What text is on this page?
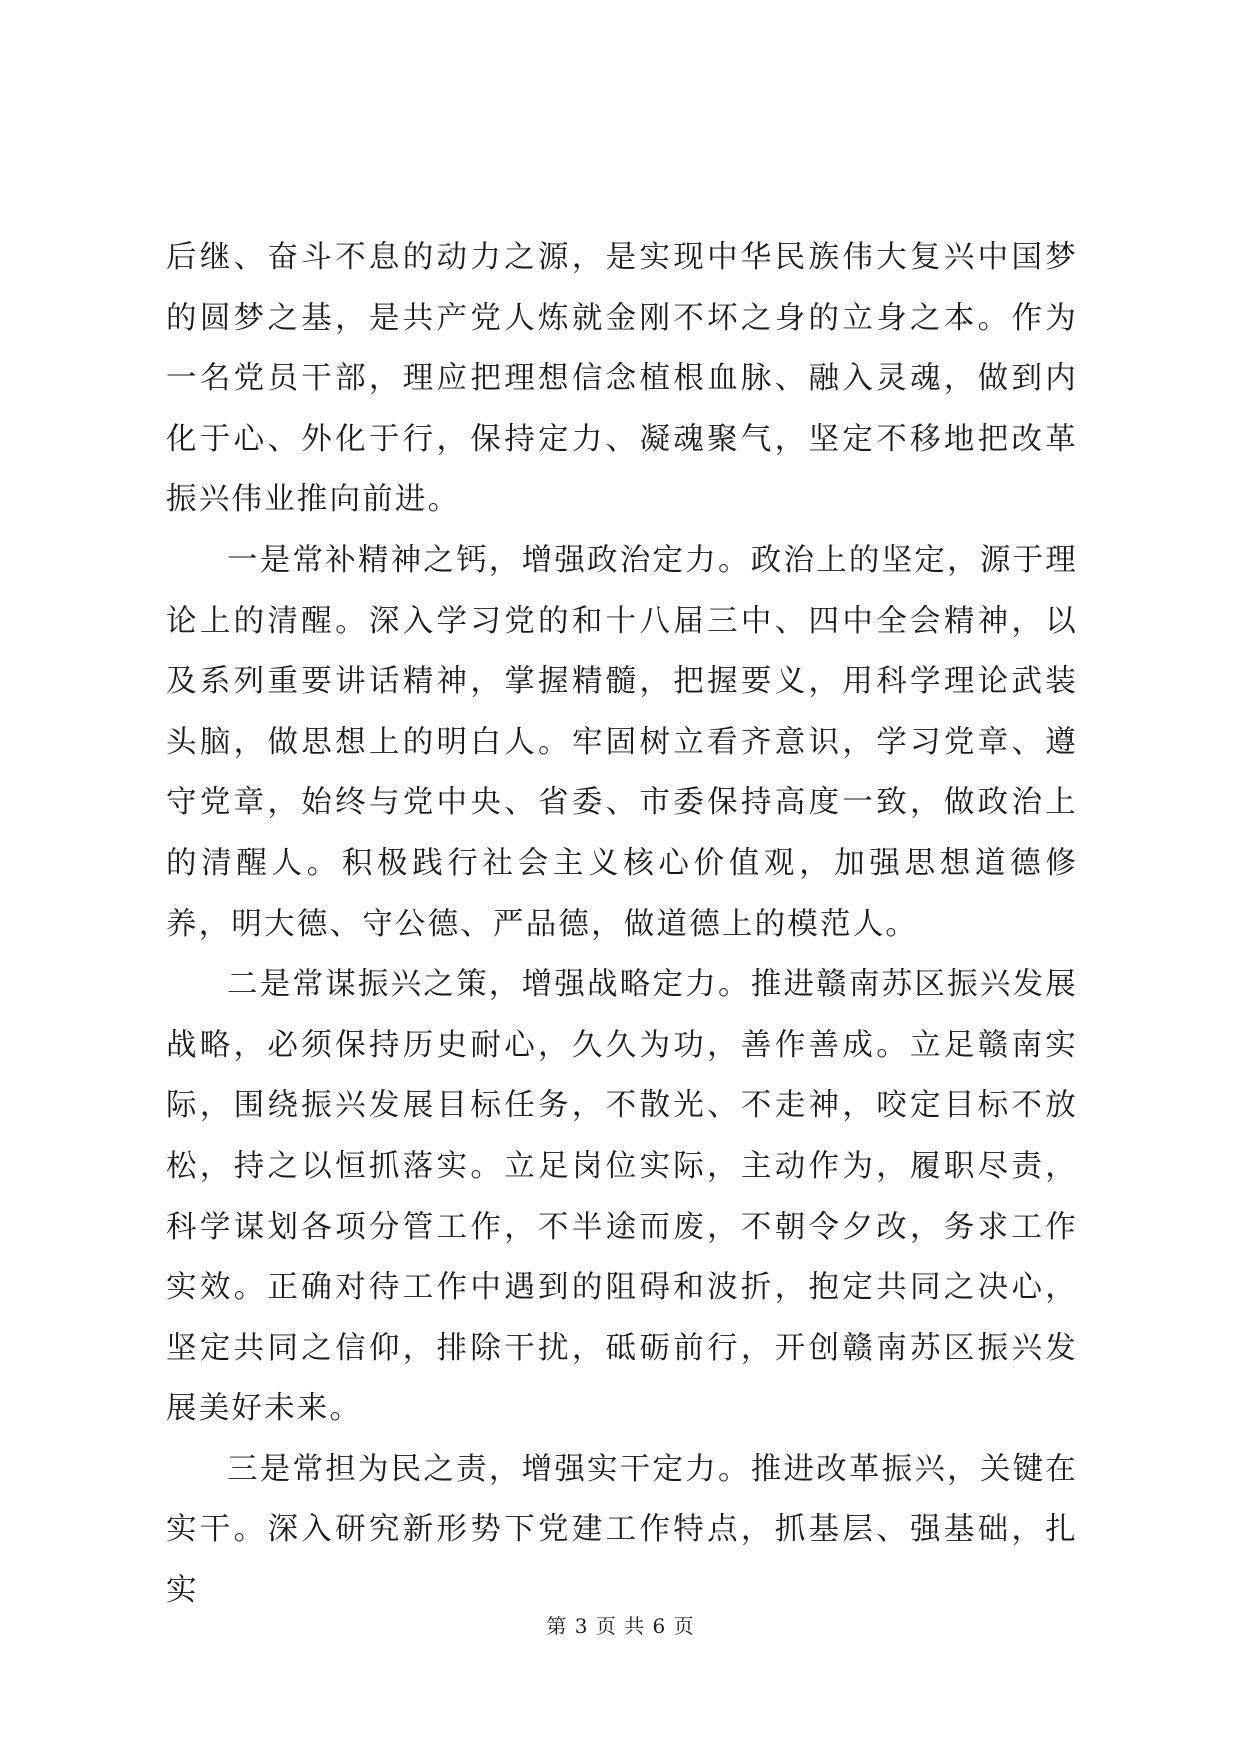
后继、奋斗不息的动力之源，是实现中华民族伟大复兴中国梦的圆梦之基，是共产党人炼就金刚不坏之身的立身之本。作为一名党员干部，理应把理想信念植根血脉、融入灵魂，做到内化于心、外化于行，保持定力、凝魂聚气，坚定不移地把改革振兴伟业推向前进。

一是常补精神之钙，增强政治定力。政治上的坚定，源于理论上的清醒。深入学习党的和十八届三中、四中全会精神，以及系列重要讲话精神，掌握精髓，把握要义，用科学理论武装头脑，做思想上的明白人。牢固树立看齐意识，学习党章、遵守党章，始终与党中央、省委、市委保持高度一致，做政治上的清醒人。积极践行社会主义核心价值观，加强思想道德修养，明大德、守公德、严品德，做道德上的模范人。

二是常谋振兴之策，增强战略定力。推进赣南苏区振兴发展战略，必须保持历史耐心，久久为功，善作善成。立足赣南实际，围绕振兴发展目标任务，不散光、不走神，咬定目标不放松，持之以恒抓落实。立足岗位实际，主动作为，履职尽责，科学谋划各项分管工作，不半途而废，不朝令夕改，务求工作实效。正确对待工作中遇到的阻碍和波折，抱定共同之决心，坚定共同之信仰，排除干扰，砥砺前行，开创赣南苏区振兴发展美好未来。

三是常担为民之责，增强实干定力。推进改革振兴，关键在实干。深入研究新形势下党建工作特点，抓基层、强基础，扎实

第 3 页 共 6 页
